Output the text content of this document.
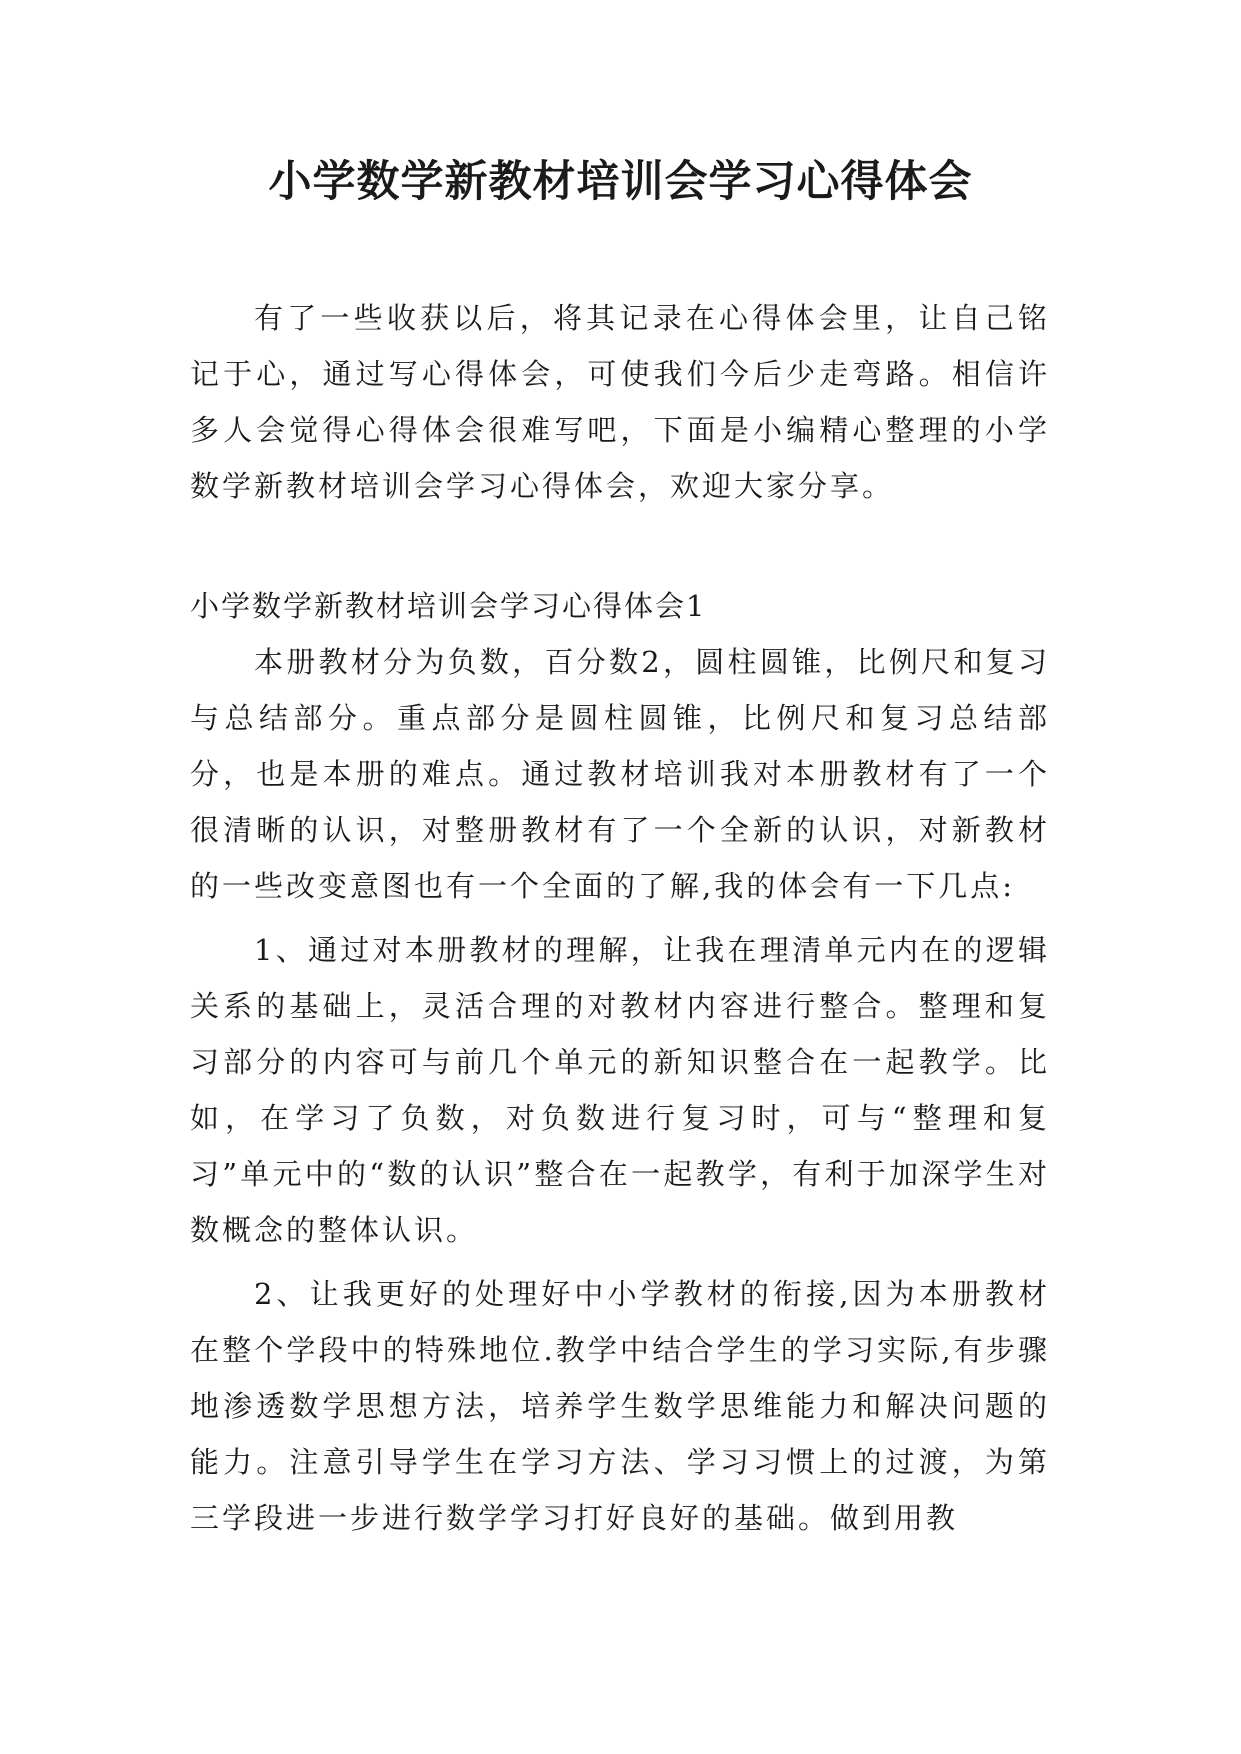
小学数学新教材培训会学习心得体会

有了一些收获以后，将其记录在心得体会里，让自己铭记于心，通过写心得体会，可使我们今后少走弯路。相信许多人会觉得心得体会很难写吧，下面是小编精心整理的小学数学新教材培训会学习心得体会，欢迎大家分享。

小学数学新教材培训会学习心得体会1

本册教材分为负数，百分数2，圆柱圆锥，比例尺和复习与总结部分。重点部分是圆柱圆锥，比例尺和复习总结部分，也是本册的难点。通过教材培训我对本册教材有了一个很清晰的认识，对整册教材有了一个全新的认识，对新教材的一些改变意图也有一个全面的了解,我的体会有一下几点:

1、通过对本册教材的理解，让我在理清单元内在的逻辑关系的基础上，灵活合理的对教材内容进行整合。整理和复习部分的内容可与前几个单元的新知识整合在一起教学。比如，在学习了负数，对负数进行复习时，可与“整理和复习”单元中的“数的认识”整合在一起教学，有利于加深学生对数概念的整体认识。

2、让我更好的处理好中小学教材的衔接,因为本册教材在整个学段中的特殊地位.教学中结合学生的学习实际,有步骤地渗透数学思想方法，培养学生数学思维能力和解决问题的能力。注意引导学生在学习方法、学习习惯上的过渡，为第三学段进一步进行数学学习打好良好的基础。做到用教
